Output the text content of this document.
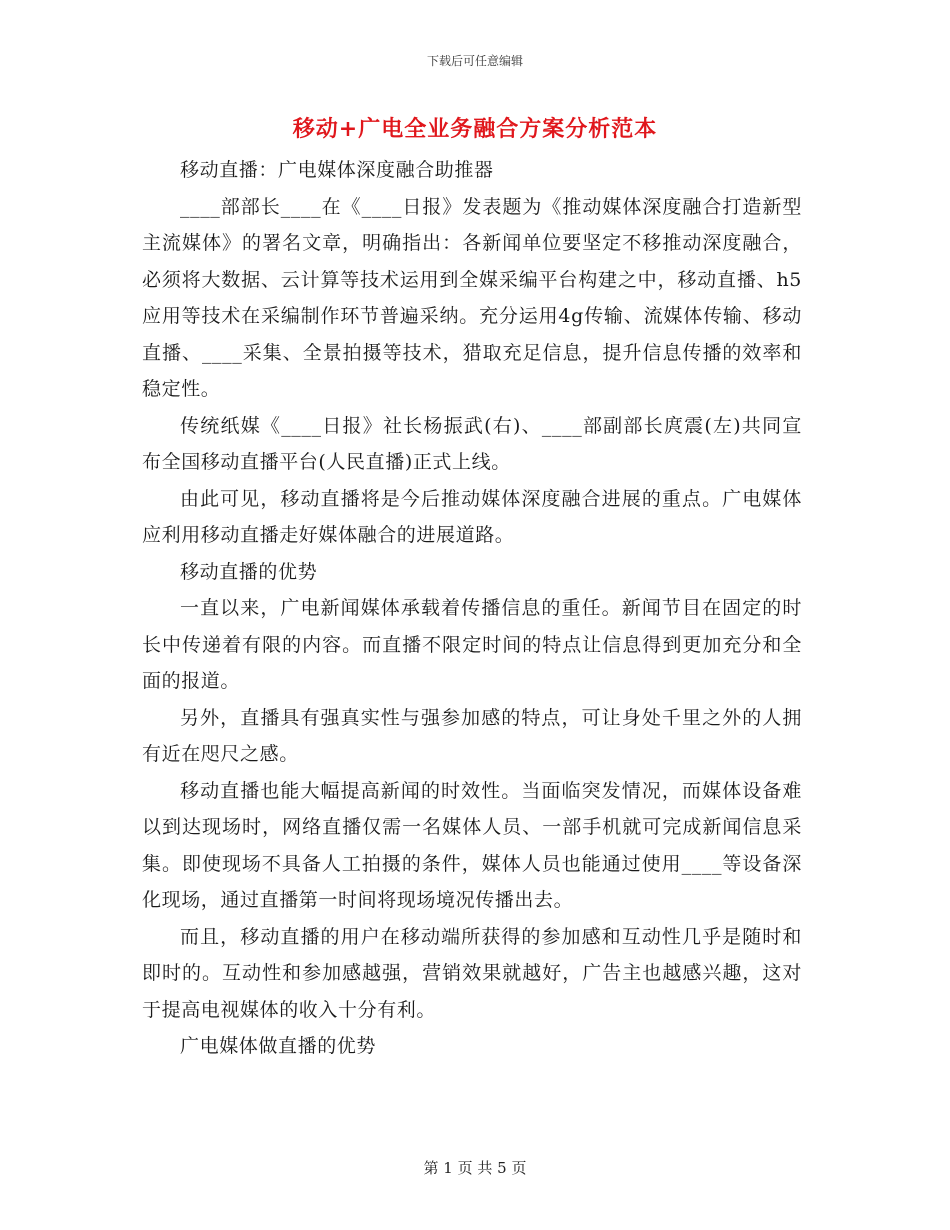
下载后可任意编辑

移动+广电全业务融合方案分析范本

移动直播：广电媒体深度融合助推器

____部部长____在《____日报》发表题为《推动媒体深度融合打造新型主流媒体》的署名文章，明确指出：各新闻单位要坚定不移推动深度融合，必须将大数据、云计算等技术运用到全媒采编平台构建之中，移动直播、h5应用等技术在采编制作环节普遍采纳。充分运用4g传输、流媒体传输、移动直播、____采集、全景拍摄等技术，猎取充足信息，提升信息传播的效率和稳定性。

传统纸媒《____日报》社长杨振武(右)、____部副部长庹震(左)共同宣布全国移动直播平台(人民直播)正式上线。

由此可见，移动直播将是今后推动媒体深度融合进展的重点。广电媒体应利用移动直播走好媒体融合的进展道路。

移动直播的优势

一直以来，广电新闻媒体承载着传播信息的重任。新闻节目在固定的时长中传递着有限的内容。而直播不限定时间的特点让信息得到更加充分和全面的报道。

另外，直播具有强真实性与强参加感的特点，可让身处千里之外的人拥有近在咫尺之感。

移动直播也能大幅提高新闻的时效性。当面临突发情况，而媒体设备难以到达现场时，网络直播仅需一名媒体人员、一部手机就可完成新闻信息采集。即使现场不具备人工拍摄的条件，媒体人员也能通过使用____等设备深化现场，通过直播第一时间将现场境况传播出去。

而且，移动直播的用户在移动端所获得的参加感和互动性几乎是随时和即时的。互动性和参加感越强，营销效果就越好，广告主也越感兴趣，这对于提高电视媒体的收入十分有利。

广电媒体做直播的优势

第 1 页 共 5 页
